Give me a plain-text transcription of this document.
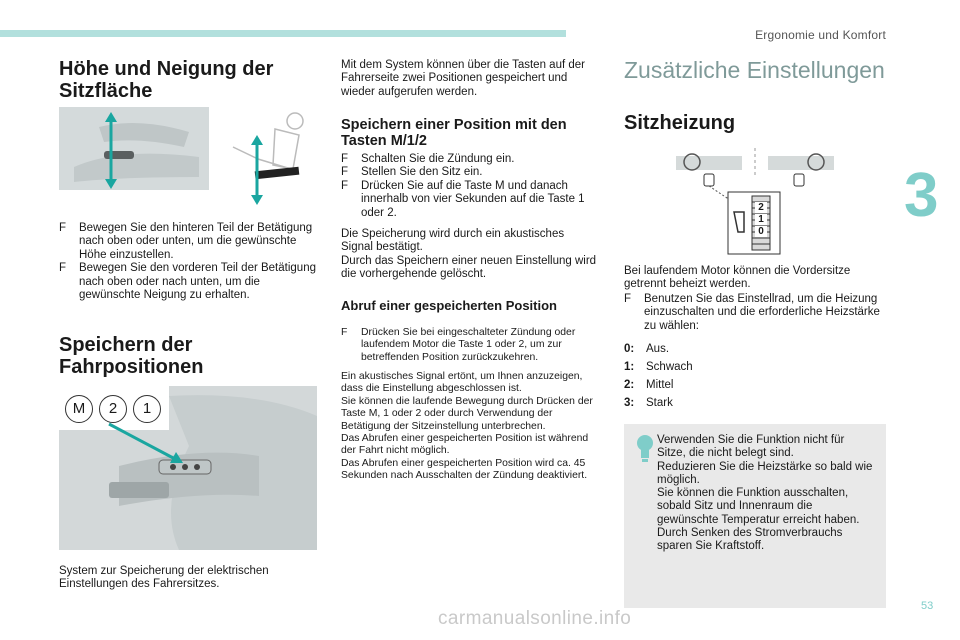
Ergonomie und Komfort
3
53
Höhe und Neigung der Sitzfläche
F Bewegen Sie den hinteren Teil der Betätigung nach oben oder unten, um die gewünschte Höhe einzustellen.
F Bewegen Sie den vorderen Teil der Betätigung nach oben oder nach unten, um die gewünschte Neigung zu erhalten.
Speichern der Fahrpositionen
M	2	1
System zur Speicherung der elektrischen Einstellungen des Fahrersitzes.
Mit dem System können über die Tasten auf der Fahrerseite zwei Positionen gespeichert und wieder aufgerufen werden.
Speichern einer Position mit den Tasten M/1/2
F Schalten Sie die Zündung ein.
F Stellen Sie den Sitz ein.
F Drücken Sie auf die Taste M und danach innerhalb von vier Sekunden auf die Taste 1 oder 2.
Die Speicherung wird durch ein akustisches Signal bestätigt.
Durch das Speichern einer neuen Einstellung wird die vorhergehende gelöscht.
Abruf einer gespeicherten Position
F Drücken Sie bei eingeschalteter Zündung oder laufendem Motor die Taste 1 oder 2, um zur betreffenden Position zurückzukehren.
Ein akustisches Signal ertönt, um Ihnen anzuzeigen, dass die Einstellung abgeschlossen ist.
Sie können die laufende Bewegung durch Drücken der Taste M, 1 oder 2 oder durch Verwendung der Betätigung der Sitzeinstellung unterbrechen.
Das Abrufen einer gespeicherten Position ist während der Fahrt nicht möglich.
Das Abrufen einer gespeicherten Position wird ca. 45 Sekunden nach Ausschalten der Zündung deaktiviert.
Zusätzliche Einstellungen
Sitzheizung
2
1
0
Bei laufendem Motor können die Vordersitze getrennt beheizt werden.
F Benutzen Sie das Einstellrad, um die Heizung einzuschalten und die erforderliche Heizstärke zu wählen:
0: Aus.
1: Schwach
2: Mittel
3: Stark
Verwenden Sie die Funktion nicht für Sitze, die nicht belegt sind.
Reduzieren Sie die Heizstärke so bald wie möglich.
Sie können die Funktion ausschalten, sobald Sitz und Innenraum die gewünschte Temperatur erreicht haben.
Durch Senken des Stromverbrauchs sparen Sie Kraftstoff.
carmanualsonline.info
